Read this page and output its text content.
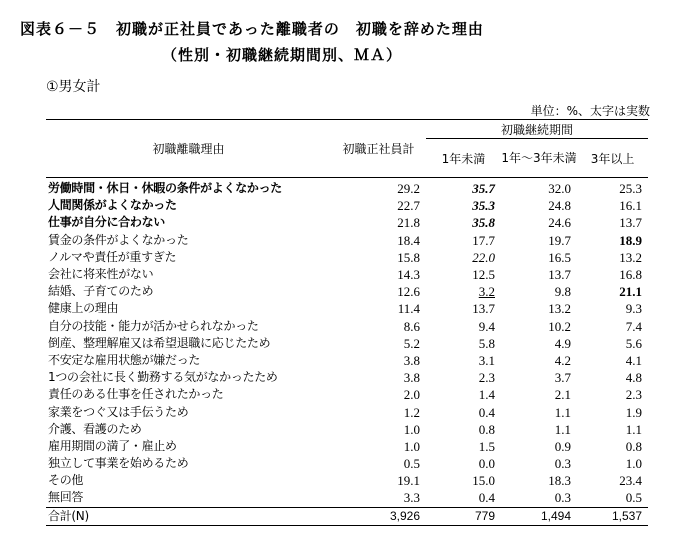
図表６－５　初職が正社員であった離職者の　初職を辞めた理由
（性別・初職継続期間別、ＭＡ）
①男女計
単位：%、太字は実数
初職離職理由	初職正社員計	初職継続期間		
		1年未満	1年～3年未満	3年以上
労働時間・休日・休暇の条件がよくなかった	29.2	35.7	32.0	25.3
人間関係がよくなかった	22.7	35.3	24.8	16.1
仕事が自分に合わない	21.8	35.8	24.6	13.7
賃金の条件がよくなかった	18.4	17.7	19.7	18.9
ノルマや責任が重すぎた	15.8	22.0	16.5	13.2
会社に将来性がない	14.3	12.5	13.7	16.8
結婚、子育てのため	12.6	3.2	9.8	21.1
健康上の理由	11.4	13.7	13.2	9.3
自分の技能・能力が活かせられなかった	8.6	9.4	10.2	7.4
倒産、整理解雇又は希望退職に応じたため	5.2	5.8	4.9	5.6
不安定な雇用状態が嫌だった	3.8	3.1	4.2	4.1
1つの会社に長く勤務する気がなかったため	3.8	2.3	3.7	4.8
責任のある仕事を任されたかった	2.0	1.4	2.1	2.3
家業をつぐ又は手伝うため	1.2	0.4	1.1	1.9
介護、看護のため	1.0	0.8	1.1	1.1
雇用期間の満了・雇止め	1.0	1.5	0.9	0.8
独立して事業を始めるため	0.5	0.0	0.3	1.0
その他	19.1	15.0	18.3	23.4
無回答	3.3	0.4	0.3	0.5
合計(N)	3,926	779	1,494	1,537
